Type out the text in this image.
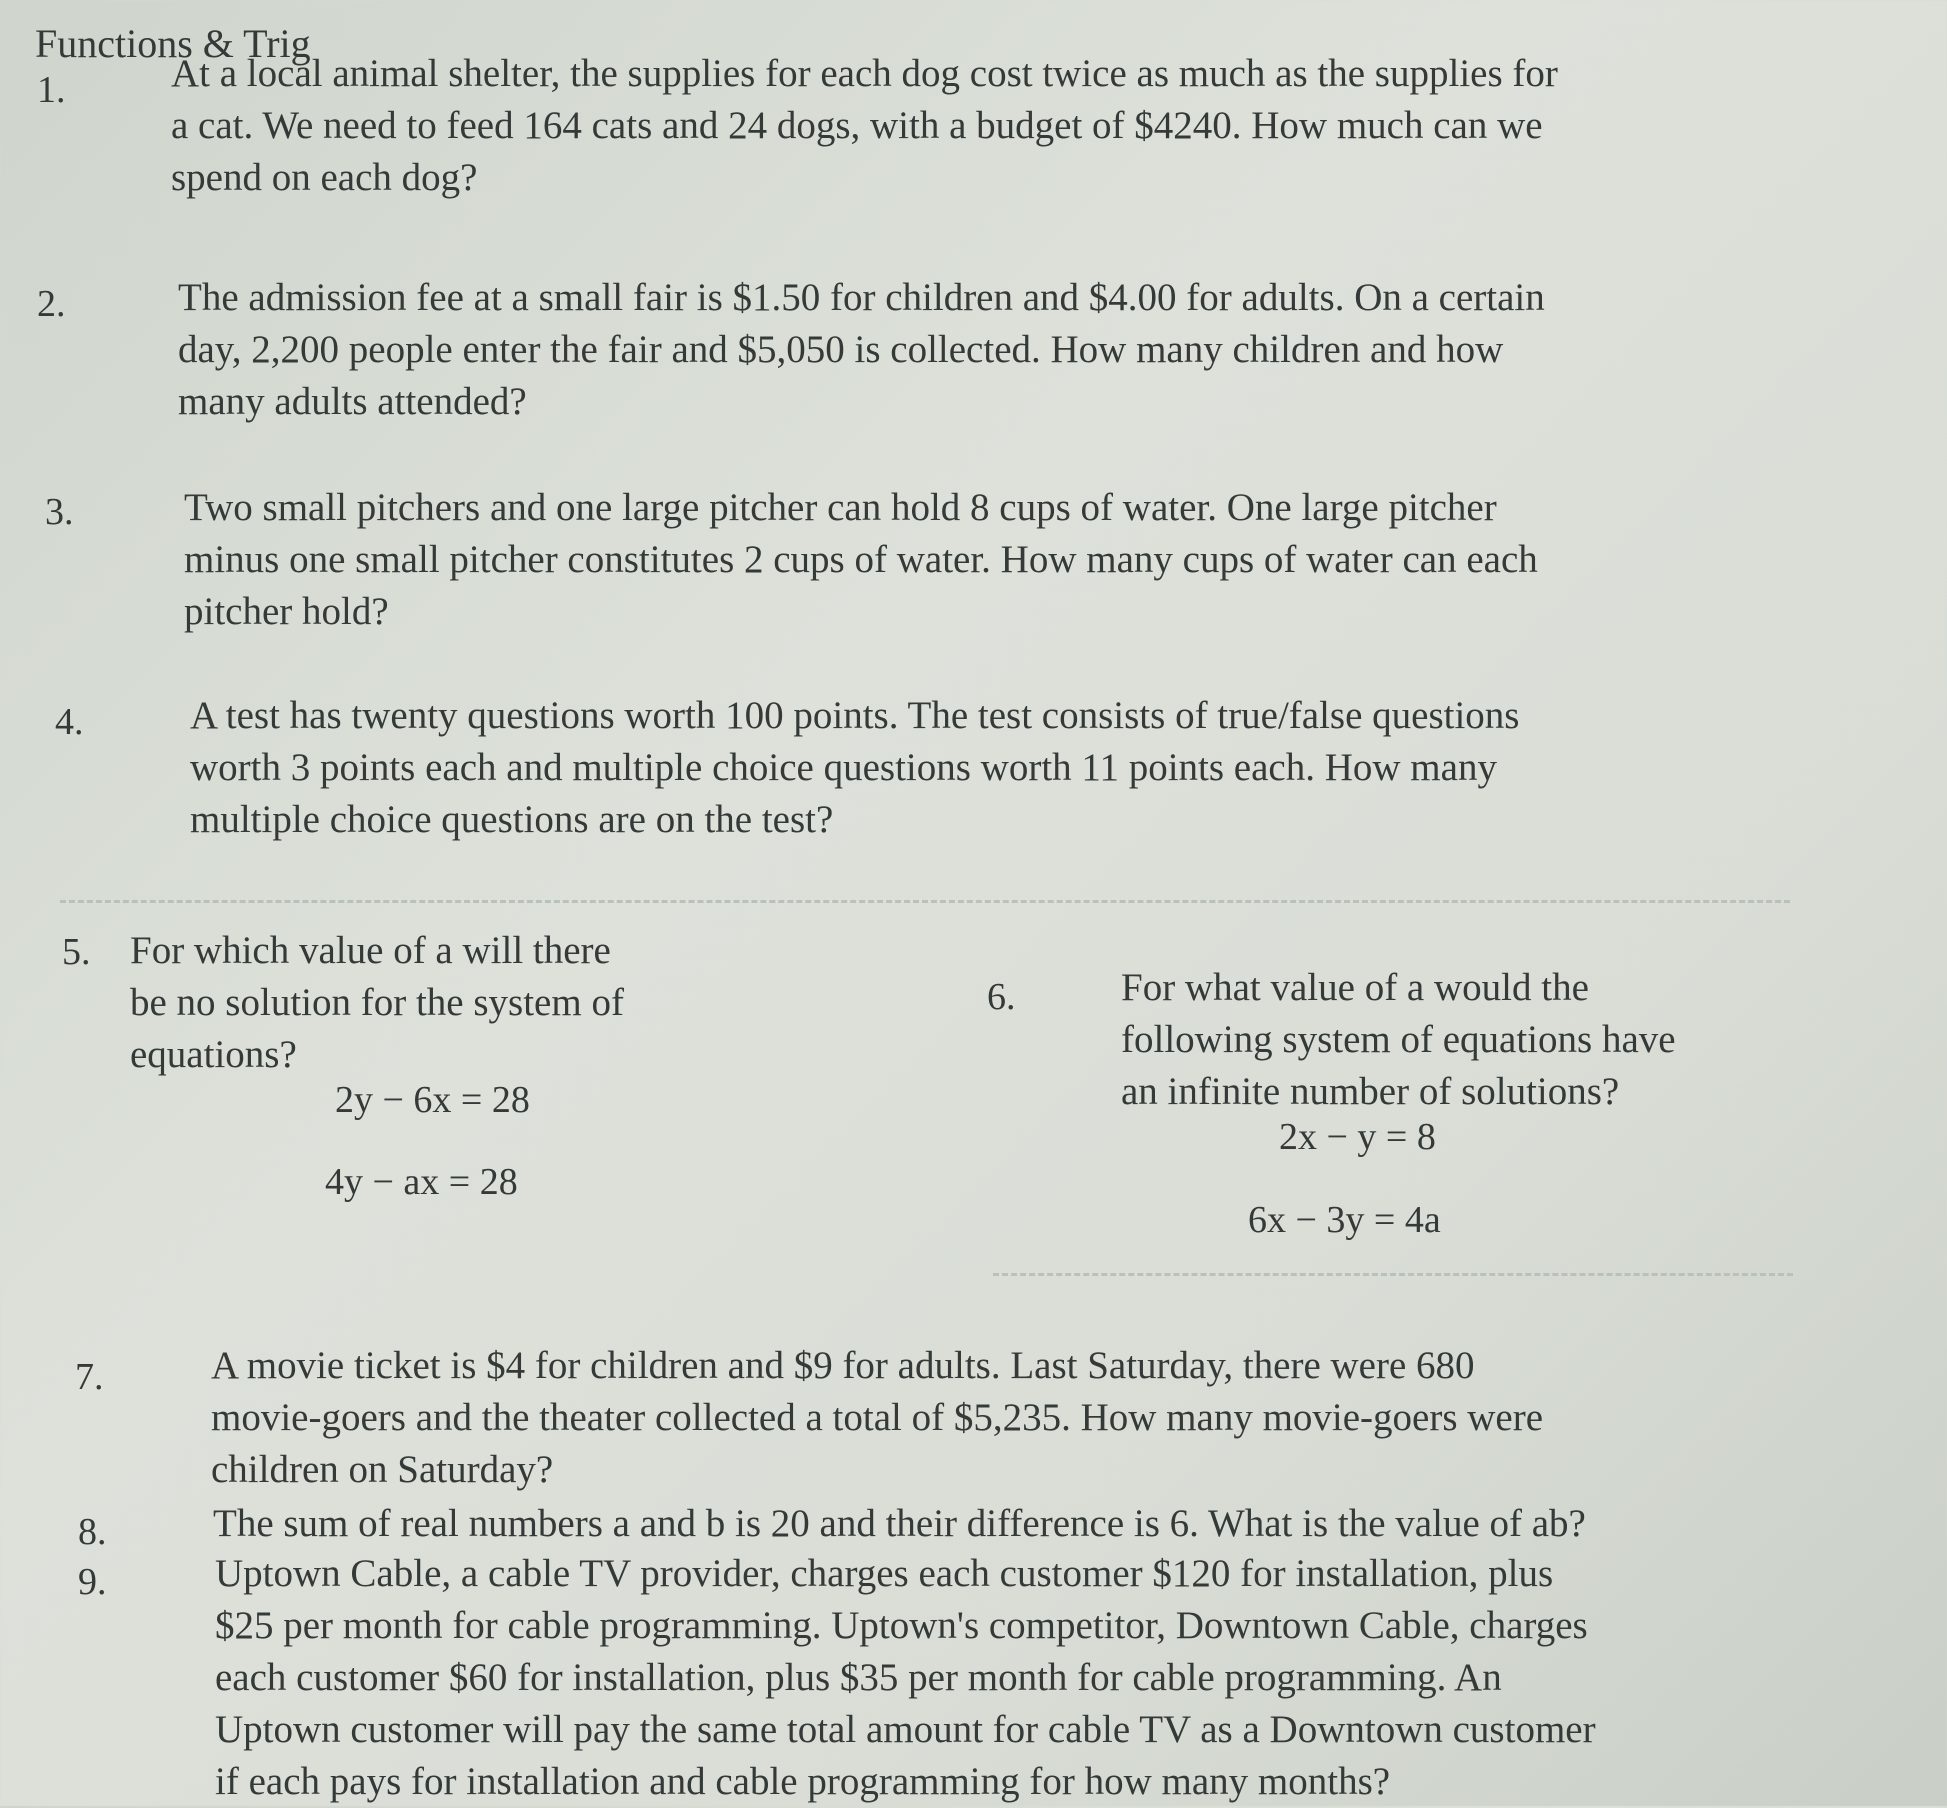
Functions & Trig
1.	At a local animal shelter, the supplies for each dog cost twice as much as the supplies for
a cat. We need to feed 164 cats and 24 dogs, with a budget of $4240. How much can we
spend on each dog?
2.	The admission fee at a small fair is $1.50 for children and $4.00 for adults. On a certain
day, 2,200 people enter the fair and $5,050 is collected. How many children and how
many adults attended?
3.	Two small pitchers and one large pitcher can hold 8 cups of water. One large pitcher
minus one small pitcher constitutes 2 cups of water. How many cups of water can each
pitcher hold?
4.	A test has twenty questions worth 100 points. The test consists of true/false questions
worth 3 points each and multiple choice questions worth 11 points each. How many
multiple choice questions are on the test?
5. For which value of a will there
be no solution for the system of
equations?
2y − 6x = 28
4y − ax = 28
6.	For what value of a would the
following system of equations have
an infinite number of solutions?
2x − y = 8
6x − 3y = 4a
7.	A movie ticket is $4 for children and $9 for adults. Last Saturday, there were 680
movie-goers and the theater collected a total of $5,235. How many movie-goers were
children on Saturday?
8.	The sum of real numbers a and b is 20 and their difference is 6. What is the value of ab?
9.	Uptown Cable, a cable TV provider, charges each customer $120 for installation, plus
$25 per month for cable programming. Uptown's competitor, Downtown Cable, charges
each customer $60 for installation, plus $35 per month for cable programming. An
Uptown customer will pay the same total amount for cable TV as a Downtown customer
if each pays for installation and cable programming for how many months?
